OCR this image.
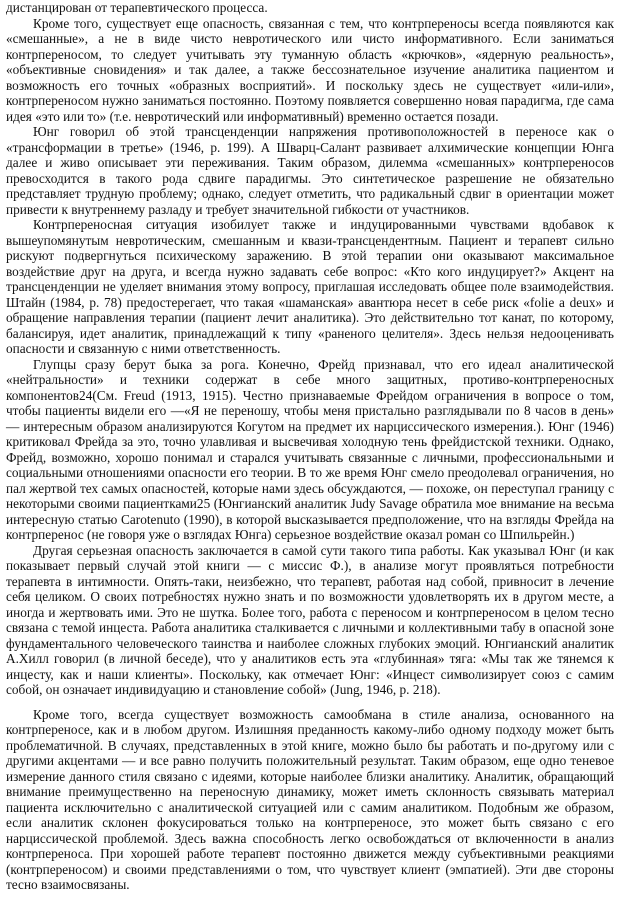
дистанцирован от терапевтического процесса.

Кроме того, существует еще опасность, связанная с тем, что контрпереносы всегда появляются как «смешанные», а не в виде чисто невротического или чисто информативного. Если заниматься контрпереносом, то следует учитывать эту туманную область «крючков», «ядерную реальность», «объективные сновидения» и так далее, а также бессознательное изучение аналитика пациентом и возможность его точных «образных восприятий». И поскольку здесь не существует «или-или», контрпереносом нужно заниматься постоянно. Поэтому появляется совершенно новая парадигма, где сама идея «это или то» (т.е. невротический или информативный) временно остается позади.

Юнг говорил об этой трансценденции напряжения противоположностей в переносе как о «трансформации в третье» (1946, р. 199). А Шварц-Салант развивает алхимические концепции Юнга далее и живо описывает эти переживания. Таким образом, дилемма «смешанных» контрпереносов превосходится в такого рода сдвиге парадигмы. Это синтетическое разрешение не обязательно представляет трудную проблему; однако, следует отметить, что радикальный сдвиг в ориентации может привести к внутреннему разладу и требует значительной гибкости от участников.

Контрпереносная ситуация изобилует также и индуцированными чувствами вдобавок к вышеупомянутым невротическим, смешанным и квази-трансцендентным. Пациент и терапевт сильно рискуют подвергнуться психическому заражению. В этой терапии они оказывают максимальное воздействие друг на друга, и всегда нужно задавать себе вопрос: «Кто кого индуцирует?» Акцент на трансценденции не уделяет внимания этому вопросу, приглашая исследовать общее поле взаимодействия. Штайн (1984, р. 78) предостерегает, что такая «шаманская» авантюра несет в себе риск «folie a deux» и обращение направления терапии (пациент лечит аналитика). Это действительно тот канат, по которому, балансируя, идет аналитик, принадлежащий к типу «раненого целителя». Здесь нельзя недооценивать опасности и связанную с ними ответственность.

Глупцы сразу берут быка за рога. Конечно, Фрейд признавал, что его идеал аналитической «нейтральности» и техники содержат в себе много защитных, противо-контрпереносных компонентов24(См. Freud (1913, 1915). Честно признаваемые Фрейдом ограничения в вопросе о том, чтобы пациенты видели его —«Я не переношу, чтобы меня пристально разглядывали по 8 часов в день» — интересным образом анализируются Когутом на предмет их нарциссического измерения.). Юнг (1946) критиковал Фрейда за это, точно улавливая и высвечивая холодную тень фрейдистской техники. Однако, Фрейд, возможно, хорошо понимал и старался учитывать связанные с личными, профессиональными и социальными отношениями опасности его теории. В то же время Юнг смело преодолевал ограничения, но пал жертвой тех самых опасностей, которые нами здесь обсуждаются, — похоже, он переступал границу с некоторыми своими пациентками25 (Юнгианский аналитик Judy Savage обратила мое внимание на весьма интересную статью Carotenuto (1990), в которой высказывается предположение, что на взгляды Фрейда на контрперенос (не говоря уже о взглядах Юнга) серьезное воздействие оказал роман со Шпильрейн.)

Другая серьезная опасность заключается в самой сути такого типа работы. Как указывал Юнг (и как показывает первый случай этой книги — с миссис Ф.), в анализе могут проявляться потребности терапевта в интимности. Опять-таки, неизбежно, что терапевт, работая над собой, привносит в лечение себя целиком. О своих потребностях нужно знать и по возможности удовлетворять их в другом месте, а иногда и жертвовать ими. Это не шутка. Более того, работа с переносом и контрпереносом в целом тесно связана с темой инцеста. Работа аналитика сталкивается с личными и коллективными табу в опасной зоне фундаментального человеческого таинства и наиболее сложных глубоких эмоций. Юнгианский аналитик А.Хилл говорил (в личной беседе), что у аналитиков есть эта «глубинная» тяга: «Мы так же тянемся к инцесту, как и наши клиенты». Поскольку, как отмечает Юнг: «Инцест символизирует союз с самим собой, он означает индивидуацию и становление собой» (Jung, 1946, р. 218).

Кроме того, всегда существует возможность самообмана в стиле анализа, основанного на контрпереносе, как и в любом другом. Излишняя преданность какому-либо одному подходу может быть проблематичной. В случаях, представленных в этой книге, можно было бы работать и по-другому или с другими акцентами — и все равно получить положительный результат. Таким образом, еще одно теневое измерение данного стиля связано с идеями, которые наиболее близки аналитику. Аналитик, обращающий внимание преимущественно на переносную динамику, может иметь склонность связывать материал пациента исключительно с аналитической ситуацией или с самим аналитиком. Подобным же образом, если аналитик склонен фокусироваться только на контрпереносе, это может быть связано с его нарциссической проблемой. Здесь важна способность легко освобождаться от включенности в анализ контрпереноса. При хорошей работе терапевт постоянно движется между субъективными реакциями (контрпереносом) и своими представлениями о том, что чувствует клиент (эмпатией). Эти две стороны тесно взаимосвязаны.
